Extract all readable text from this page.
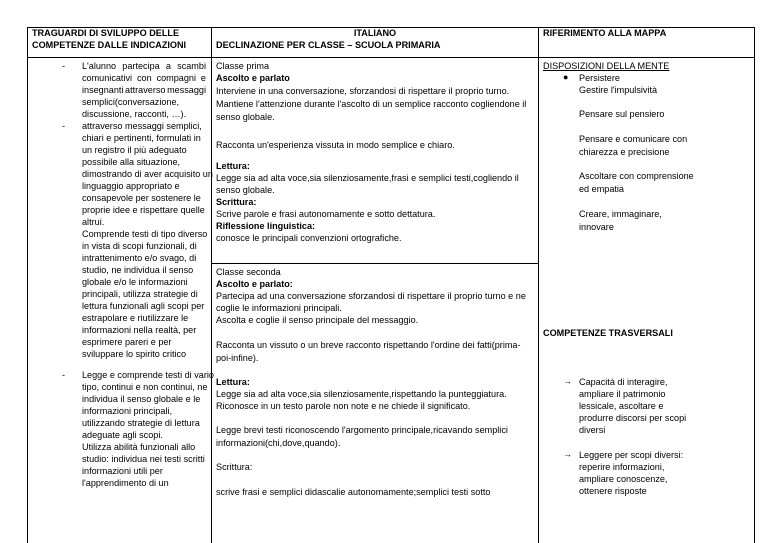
TRAGUARDI DI SVILUPPO DELLE
COMPETENZE DALLE INDICAZIONI
ITALIANO
DECLINAZIONE PER CLASSE – SCUOLA PRIMARIA
RIFERIMENTO ALLA MAPPA
- L'alunno partecipa a scambi
comunicativi con compagni e
insegnanti attraverso messaggi
semplici(conversazione,
discussione, racconti, …).
- attraverso messaggi semplici,
chiari e pertinenti, formulati in
un registro il più adeguato
possibile alla situazione,
dimostrando di aver acquisito un
linguaggio appropriato e
consapevole per sostenere le
proprie idee e rispettare quelle
altrui.
Comprende testi di tipo diverso
in vista di scopi funzionali, di
intrattenimento e/o svago, di
studio, ne individua il senso
globale e/o le informazioni
principali, utilizza strategie di
lettura funzionali agli scopi per
estrapolare e riutilizzare le
informazioni nella realtà, per
esprimere pareri e per
sviluppare lo spirito critico
- Legge e comprende testi di vario
tipo, continui e non continui, ne
individua il senso globale e le
informazioni principali,
utilizzando strategie di lettura
adeguate agli scopi.
Utilizza abilità funzionali allo
studio: individua nei testi scritti
informazioni utili per
l'apprendimento di un
Classe prima
Ascolto e parlato
Interviene in una conversazione, sforzandosi di rispettare il proprio turno.
Mantiene l'attenzione durante l'ascolto di un semplice racconto cogliendone il
senso globale.
Racconta un'esperienza vissuta in modo semplice e chiaro.
Lettura:
Legge sia ad alta voce,sia silenziosamente,frasi e semplici testi,cogliendo il
senso globale.
Scrittura:
Scrive parole e frasi autonomamente e sotto dettatura.
Riflessione linguistica:
conosce le principali convenzioni ortografiche.
Classe seconda
Ascolto e parlato:
Partecipa ad una conversazione sforzandosi di rispettare il proprio turno e ne
coglie le informazioni principali.
Ascolta e coglie il senso principale del messaggio.
Racconta un vissuto o un breve racconto rispettando l'ordine dei fatti(prima-
poi-infine).
Lettura:
Legge sia ad alta voce,sia silenziosamente,rispettando la punteggiatura.
Riconosce in un testo parole non note e ne chiede il significato.
Legge brevi testi riconoscendo l'argomento principale,ricavando semplici
informazioni(chi,dove,quando).
Scrittura:
scrive frasi e semplici didascalie autonomamente;semplici testi sotto
DISPOSIZIONI DELLA MENTE
● Persistere
Gestire l'impulsività
Pensare sul pensiero
Pensare e comunicare con
chiarezza e precisione
Ascoltare con comprensione
ed empatia
Creare, immaginare,
innovare
COMPETENZE TRASVERSALI
→ Capacità di interagire,
ampliare il patrimonio
lessicale, ascoltare e
produrre discorsi per scopi
diversi
→ Leggere per scopi diversi:
reperire informazioni,
ampliare conoscenze,
ottenere risposte
